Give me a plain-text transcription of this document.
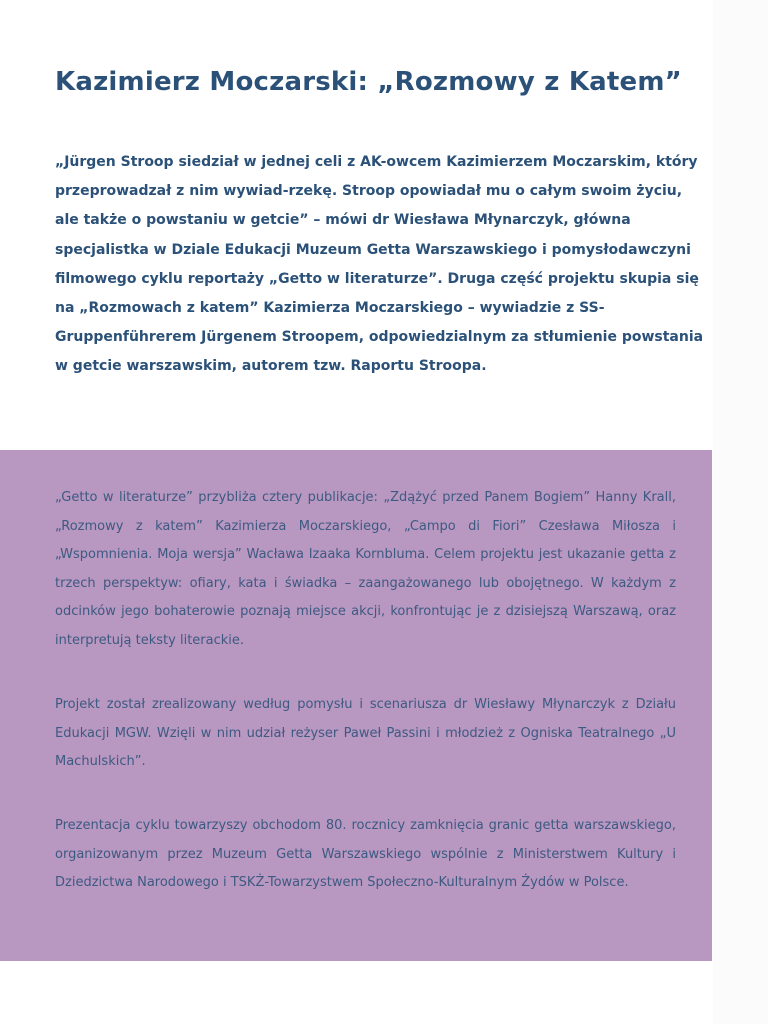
Kazimierz Moczarski: „Rozmowy z Katem”

„Jürgen Stroop siedział w jednej celi z AK-owcem Kazimierzem Moczarskim, który przeprowadzał z nim wywiad-rzekę. Stroop opowiadał mu o całym swoim życiu, ale także o powstaniu w getcie” – mówi dr Wiesława Młynarczyk, główna specjalistka w Dziale Edukacji Muzeum Getta Warszawskiego i pomysłodawczyni filmowego cyklu reportaży „Getto w literaturze”. Druga część projektu skupia się na „Rozmowach z katem” Kazimierza Moczarskiego – wywiadzie z SS-Gruppenführerem Jürgenem Stroopem, odpowiedzialnym za stłumienie powstania w getcie warszawskim, autorem tzw. Raportu Stroopa.

„Getto w literaturze” przybliża cztery publikacje: „Zdążyć przed Panem Bogiem” Hanny Krall, „Rozmowy z katem” Kazimierza Moczarskiego, „Campo di Fiori” Czesława Miłosza i „Wspomnienia. Moja wersja” Wacława Izaaka Kornbluma. Celem projektu jest ukazanie getta z trzech perspektyw: ofiary, kata i świadka – zaangażowanego lub obojętnego. W każdym z odcinków jego bohaterowie poznają miejsce akcji, konfrontując je z dzisiejszą Warszawą, oraz interpretują teksty literackie.

Projekt został zrealizowany według pomysłu i scenariusza dr Wiesławy Młynarczyk z Działu Edukacji MGW. Wzięli w nim udział reżyser Paweł Passini i młodzież z Ogniska Teatralnego „U Machulskich”.

Prezentacja cyklu towarzyszy obchodom 80. rocznicy zamknięcia granic getta warszawskiego, organizowanym przez Muzeum Getta Warszawskiego wspólnie z Ministerstwem Kultury i Dziedzictwa Narodowego i TSKŻ-Towarzystwem Społeczno-Kulturalnym Żydów w Polsce.
